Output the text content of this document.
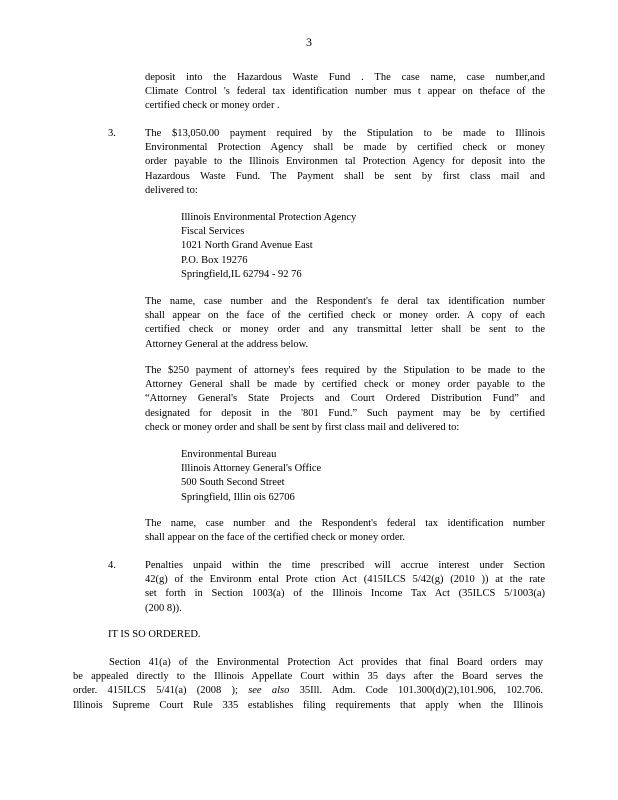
3

deposit into the Hazardous Waste Fund . The case name, case number,and

Climate Control 's federal tax identification number mus t appear on theface of the

certified check or money order .

3.	The $13,050.00 payment required by the Stipulation to be made to Illinois

Environmental Protection Agency shall be made by certified check or money

order payable to the Illinois Environmen tal Protection Agency for deposit into the

Hazardous Waste Fund. The Payment shall be sent by first class mail and

delivered to:

Illinois Environmental Protection Agency

Fiscal Services

1021 North Grand Avenue East

P.O. Box 19276

Springfield,IL 62794 - 92 76

The name, case number and the Respondent's fe deral tax identification number

shall appear on the face of the certified check or money order. A copy of each

certified check or money order and any transmittal letter shall be sent to the

Attorney General at the address below.

The $250 payment of attorney's fees required by the Stipulation to be made to the

Attorney General shall be made by certified check or money order payable to the

“Attorney General's State Projects and Court Ordered Distribution Fund” and

designated for deposit in the '801 Fund.” Such payment may be by certified

check or money order and shall be sent by first class mail and delivered to:

Environmental Bureau

Illinois Attorney General's Office

500 South Second Street

Springfield, Illin ois 62706

The name, case number and the Respondent's federal tax identification number

shall appear on the face of the certified check or money order.

4.	Penalties unpaid within the time prescribed will accrue interest under Section

42(g) of the Environm ental Prote ction Act (415ILCS 5/42(g) (2010 )) at the rate

set forth in Section 1003(a) of the Illinois Income Tax Act (35ILCS 5/1003(a)

(200 8)).

IT IS SO ORDERED.

Section 41(a) of the Environmental Protection Act provides that final Board orders may

be appealed directly to the Illinois Appellate Court within 35 days after the Board serves the

order. 415ILCS 5/41(a) (2008 ); see also 35Ill. Adm. Code 101.300(d)(2),101.906, 102.706.

Illinois Supreme Court Rule 335 establishes filing requirements that apply when the Illinois
